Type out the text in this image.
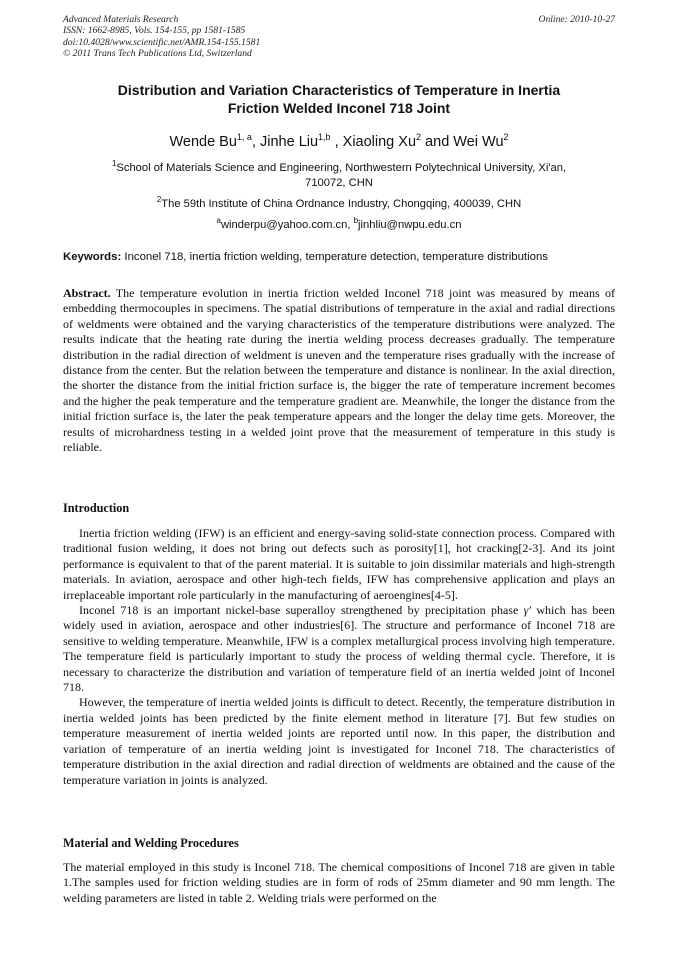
Advanced Materials Research
ISSN: 1662-8985, Vols. 154-155, pp 1581-1585
doi:10.4028/www.scientific.net/AMR.154-155.1581
© 2011 Trans Tech Publications Ltd, Switzerland
Online: 2010-10-27
Distribution and Variation Characteristics of Temperature in Inertia
Friction Welded Inconel 718 Joint
Wende Bu$^{1, a}$, Jinhe Liu$^{1,b}$ , Xiaoling Xu$^2$ and Wei Wu$^2$
$^1$School of Materials Science and Engineering, Northwestern Polytechnical University, Xi'an,
710072, CHN
$^2$The 59th Institute of China Ordnance Industry, Chongqing, 400039, CHN
$^a$winderpu@yahoo.com.cn, $^b$jinhliu@nwpu.edu.cn
Keywords: Inconel 718, inertia friction welding, temperature detection, temperature distributions

Abstract. The temperature evolution in inertia friction welded Inconel 718 joint was measured by means of embedding thermocouples in specimens. The spatial distributions of temperature in the axial and radial directions of weldments were obtained and the varying characteristics of the temperature distributions were analyzed. The results indicate that the heating rate during the inertia welding process decreases gradually. The temperature distribution in the radial direction of weldment is uneven and the temperature rises gradually with the increase of distance from the center. But the relation between the temperature and distance is nonlinear. In the axial direction, the shorter the distance from the initial friction surface is, the bigger the rate of temperature increment becomes and the higher the peak temperature and the temperature gradient are. Meanwhile, the longer the distance from the initial friction surface is, the later the peak temperature appears and the longer the delay time gets. Moreover, the results of microhardness testing in a welded joint prove that the measurement of temperature in this study is reliable.

Introduction

Inertia friction welding (IFW) is an efficient and energy-saving solid-state connection process. Compared with traditional fusion welding, it does not bring out defects such as porosity[1], hot cracking[2-3]. And its joint performance is equivalent to that of the parent material. It is suitable to join dissimilar materials and high-strength materials. In aviation, aerospace and other high-tech fields, IFW has comprehensive application and plays an irreplaceable important role particularly in the manufacturing of aeroengines[4-5].

Inconel 718 is an important nickel-base superalloy strengthened by precipitation phase γ′ which has been widely used in aviation, aerospace and other industries[6]. The structure and performance of Inconel 718 are sensitive to welding temperature. Meanwhile, IFW is a complex metallurgical process involving high temperature. The temperature field is particularly important to study the process of welding thermal cycle. Therefore, it is necessary to characterize the distribution and variation of temperature field of an inertia welded joint of Inconel 718.

However, the temperature of inertia welded joints is difficult to detect. Recently, the temperature distribution in inertia welded joints has been predicted by the finite element method in literature [7]. But few studies on temperature measurement of inertia welded joints are reported until now. In this paper, the distribution and variation of temperature of an inertia welding joint is investigated for Inconel 718. The characteristics of temperature distribution in the axial direction and radial direction of weldments are obtained and the cause of the temperature variation in joints is analyzed.

Material and Welding Procedures

The material employed in this study is Inconel 718. The chemical compositions of Inconel 718 are given in table 1.The samples used for friction welding studies are in form of rods of 25mm diameter and 90 mm length. The welding parameters are listed in table 2. Welding trials were performed on the
